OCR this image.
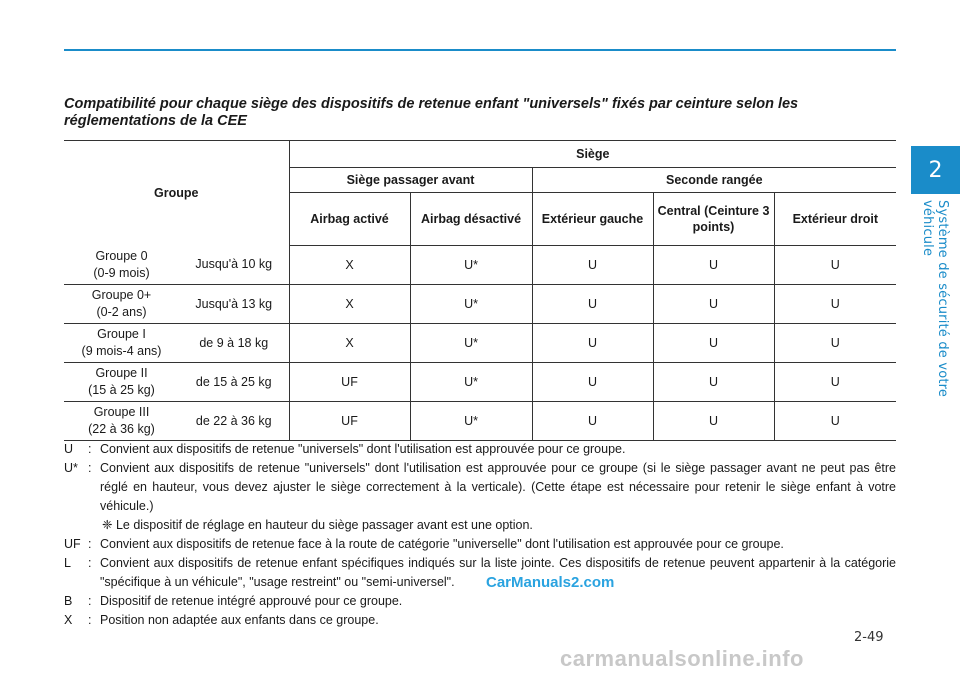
2
Système de sécurité de votre véhicule
Compatibilité pour chaque siège des dispositifs de retenue enfant "universels" fixés par ceinture selon les réglementations de la CEE
Groupe		Siège				
		Siège passager avant		Seconde rangée		
		Airbag activé	Airbag désactivé	Extérieur gauche	Central (Ceinture 3 points)	Extérieur droit

Groupe 0
(0-9 mois)	Jusqu'à 10 kg	X	U*	U	U	U

Groupe 0+
(0-2 ans)	Jusqu'à 13 kg	X	U*	U	U	U

Groupe I
(9 mois-4 ans)	de 9 à 18 kg	X	U*	U	U	U

Groupe II
(15 à 25 kg)	de 15 à 25 kg	UF	U*	U	U	U

Groupe III
(22 à 36 kg)	de 22 à 36 kg	UF	U*	U	U	U
U	: Convient aux dispositifs de retenue "universels" dont l'utilisation est approuvée pour ce groupe.
U* : Convient aux dispositifs de retenue "universels" dont l'utilisation est approuvée pour ce groupe (si le siège passager avant ne peut pas être réglé en hauteur, vous devez ajuster le siège correctement à la verticale). (Cette étape est nécessaire pour retenir le siège enfant à votre véhicule.)
❈ Le dispositif de réglage en hauteur du siège passager avant est une option.
UF : Convient aux dispositifs de retenue face à la route de catégorie "universelle" dont l'utilisation est approuvée pour ce groupe.
L	: Convient aux dispositifs de retenue enfant spécifiques indiqués sur la liste jointe. Ces dispositifs de retenue peuvent appartenir à la catégorie "spécifique à un véhicule", "usage restreint" ou "semi-universel".
B	: Dispositif de retenue intégré approuvé pour ce groupe.
X	: Position non adaptée aux enfants dans ce groupe.
CarManuals2.com
2-49
carmanualsonline.info
